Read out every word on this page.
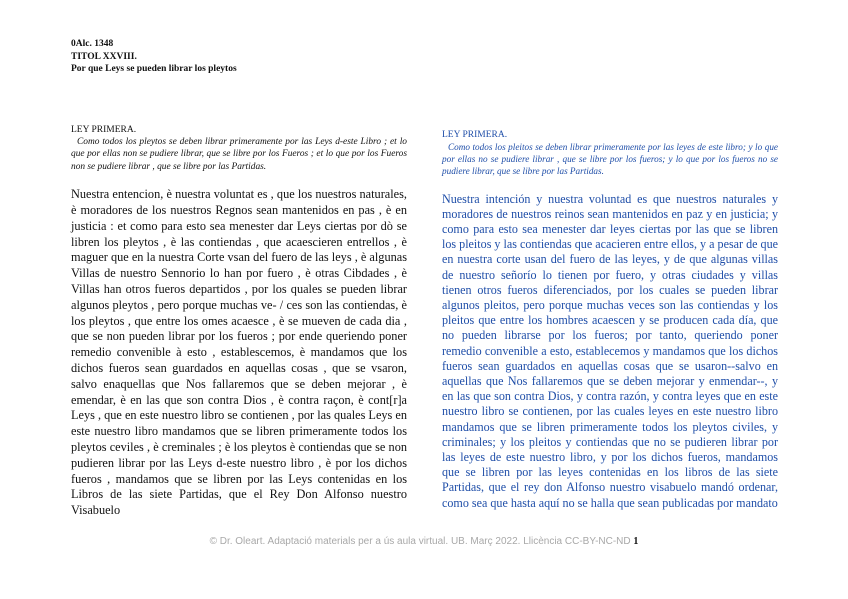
0Alc. 1348
TITOL XXVIII.
Por que Leys se pueden librar los pleytos

LEY PRIMERA.

Como todos los pleytos se deben librar primeramente por las Leys d-este Libro ; et lo que por ellas non se pudiere librar, que se libre por los Fueros ; et lo que por los Fueros non se pudiere librar , que se libre por las Partidas.

Nuestra entencion, è nuestra voluntat es , que los nuestros naturales, è moradores de los nuestros Regnos sean mantenidos en pas , è en justicia : et como para esto sea menester dar Leys ciertas por dò se libren los pleytos , è las contiendas , que acaescieren entrellos , è maguer que en la nuestra Corte vsan del fuero de las leys , è algunas Villas de nuestro Sennorio lo han por fuero , è otras Cibdades , è Villas han otros fueros departidos , por los quales se pueden librar algunos pleytos , pero porque muchas ve- / ces son las contiendas, è los pleytos , que entre los omes acaesce , è se mueven de cada dia , que se non pueden librar por los fueros ; por ende queriendo poner remedio convenible à esto , establescemos, è mandamos que los dichos fueros sean guardados en aquellas cosas , que se vsaron, salvo enaquellas que Nos fallaremos que se deben mejorar , è emendar, è en las que son contra Dios , è contra raçon, è cont[r]a Leys , que en este nuestro libro se contienen , por las quales Leys en este nuestro libro mandamos que se libren primeramente todos los pleytos ceviles , è creminales ; è los pleytos è contiendas que se non pudieren librar por las Leys d-este nuestro libro , è por los dichos fueros , mandamos que se libren por las Leys contenidas en los Libros de las siete Partidas, que el Rey Don Alfonso nuestro Visabuelo

LEY PRIMERA.

Como todos los pleitos se deben librar primeramente por las leyes de este libro; y lo que por ellas no se pudiere librar , que se libre por los fueros; y lo que por los fueros no se pudiere librar, que se libre por las Partidas.

Nuestra intención y nuestra voluntad es que nuestros naturales y moradores de nuestros reinos sean mantenidos en paz y en justicia; y como para esto sea menester dar leyes ciertas por las que se libren los pleitos y las contiendas que acacieren entre ellos, y a pesar de que en nuestra corte usan del fuero de las leyes, y de que algunas villas de nuestro señorío lo tienen por fuero, y otras ciudades y villas tienen otros fueros diferenciados, por los cuales se pueden librar algunos pleitos, pero porque muchas veces son las contiendas y los pleitos que entre los hombres acaescen y se producen cada día, que no pueden librarse por los fueros; por tanto, queriendo poner remedio convenible a esto, establecemos y mandamos que los dichos fueros sean guardados en aquellas cosas que se usaron--salvo en aquellas que Nos fallaremos que se deben mejorar y enmendar--, y en las que son contra Dios, y contra razón, y contra leyes que en este nuestro libro se contienen, por las cuales leyes en este nuestro libro mandamos que se libren primeramente todos los pleytos civiles, y criminales; y los pleitos y contiendas que no se pudieren librar por las leyes de este nuestro libro, y por los dichos fueros, mandamos que se libren por las leyes contenidas en los libros de las siete Partidas, que el rey don Alfonso nuestro visabuelo mandó ordenar, como sea que hasta aquí no se halla que sean publicadas por mandato
© Dr. Oleart. Adaptació materials per a ús aula virtual. UB. Març 2022. Llicència CC-BY-NC-ND 1
